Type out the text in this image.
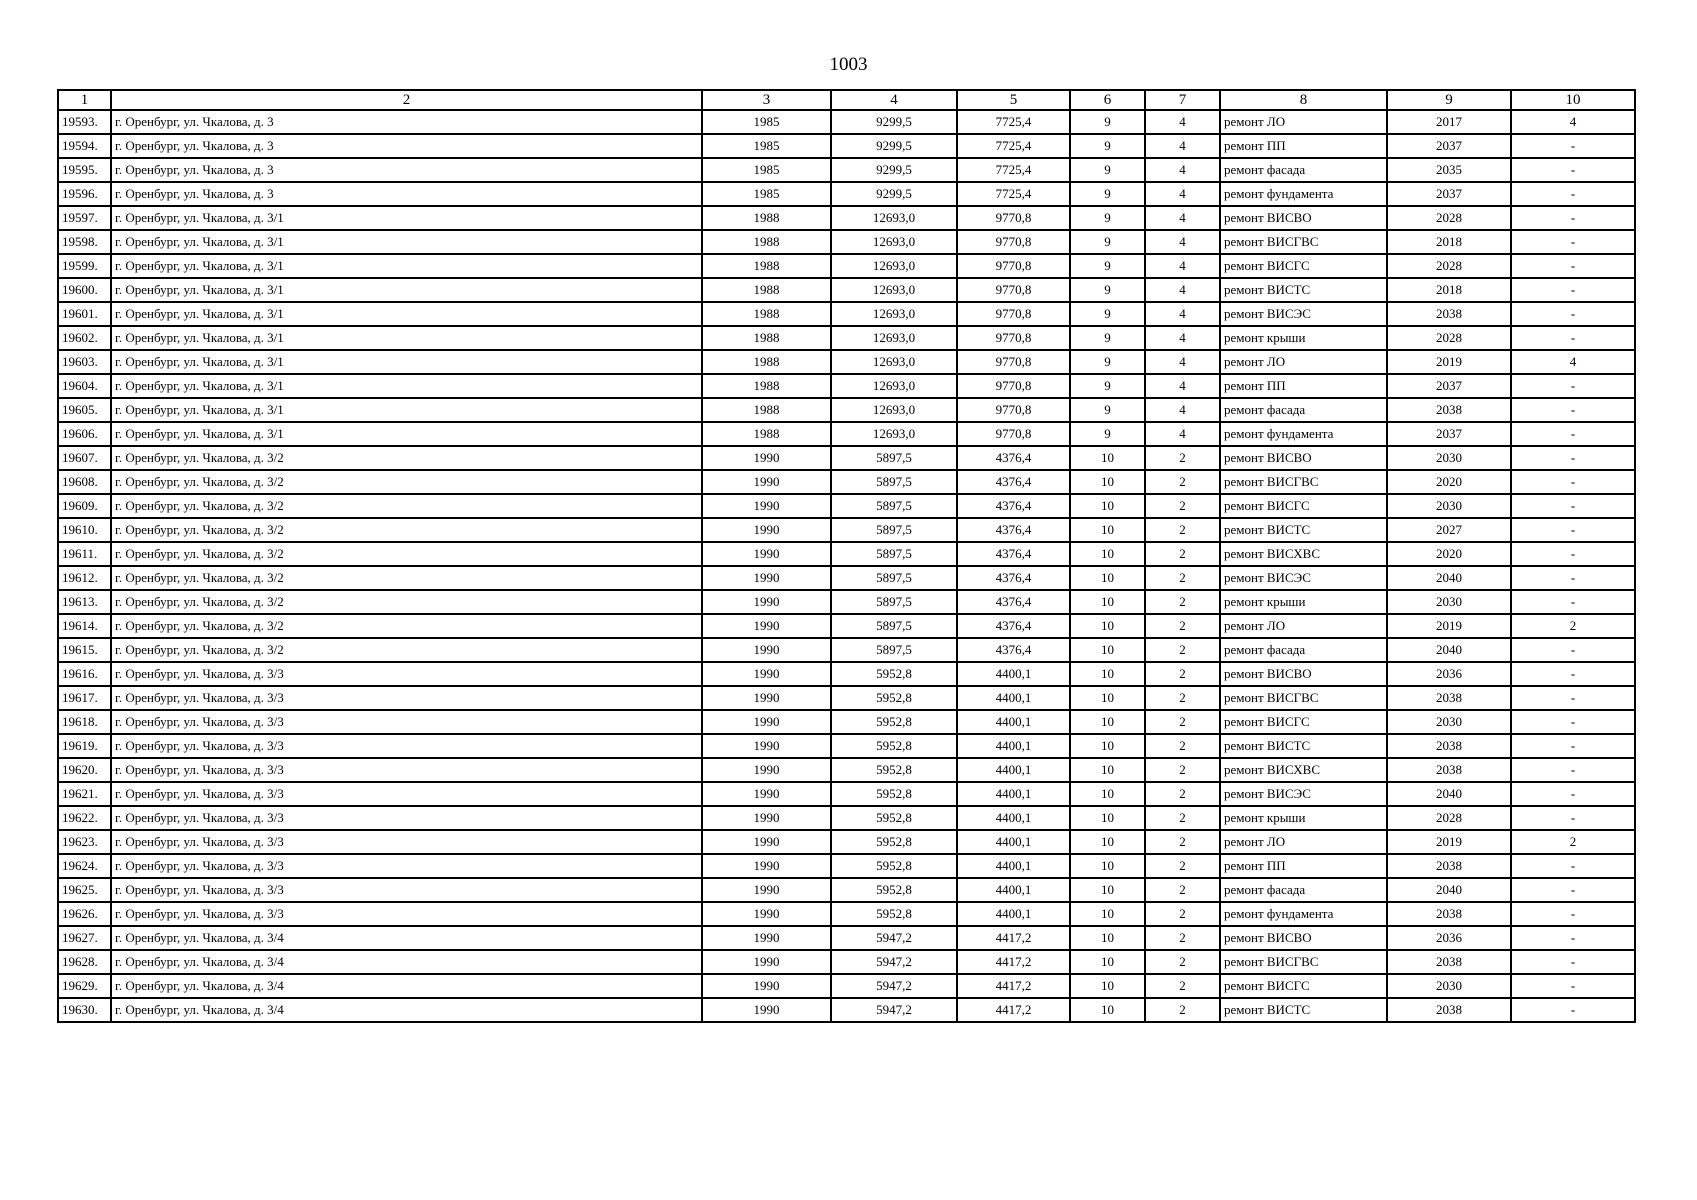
1003
1	2	3	4	5	6	7	8	9	10
19593.	г. Оренбург, ул. Чкалова, д. 3	1985	9299,5	7725,4	9	4	ремонт ЛО	2017	4
19594.	г. Оренбург, ул. Чкалова, д. 3	1985	9299,5	7725,4	9	4	ремонт ПП	2037	-
19595.	г. Оренбург, ул. Чкалова, д. 3	1985	9299,5	7725,4	9	4	ремонт фасада	2035	-
19596.	г. Оренбург, ул. Чкалова, д. 3	1985	9299,5	7725,4	9	4	ремонт фундамента	2037	-
19597.	г. Оренбург, ул. Чкалова, д. 3/1	1988	12693,0	9770,8	9	4	ремонт ВИСВО	2028	-
19598.	г. Оренбург, ул. Чкалова, д. 3/1	1988	12693,0	9770,8	9	4	ремонт ВИСГВС	2018	-
19599.	г. Оренбург, ул. Чкалова, д. 3/1	1988	12693,0	9770,8	9	4	ремонт ВИСГС	2028	-
19600.	г. Оренбург, ул. Чкалова, д. 3/1	1988	12693,0	9770,8	9	4	ремонт ВИСТС	2018	-
19601.	г. Оренбург, ул. Чкалова, д. 3/1	1988	12693,0	9770,8	9	4	ремонт ВИСЭС	2038	-
19602.	г. Оренбург, ул. Чкалова, д. 3/1	1988	12693,0	9770,8	9	4	ремонт крыши	2028	-
19603.	г. Оренбург, ул. Чкалова, д. 3/1	1988	12693,0	9770,8	9	4	ремонт ЛО	2019	4
19604.	г. Оренбург, ул. Чкалова, д. 3/1	1988	12693,0	9770,8	9	4	ремонт ПП	2037	-
19605.	г. Оренбург, ул. Чкалова, д. 3/1	1988	12693,0	9770,8	9	4	ремонт фасада	2038	-
19606.	г. Оренбург, ул. Чкалова, д. 3/1	1988	12693,0	9770,8	9	4	ремонт фундамента	2037	-
19607.	г. Оренбург, ул. Чкалова, д. 3/2	1990	5897,5	4376,4	10	2	ремонт ВИСВО	2030	-
19608.	г. Оренбург, ул. Чкалова, д. 3/2	1990	5897,5	4376,4	10	2	ремонт ВИСГВС	2020	-
19609.	г. Оренбург, ул. Чкалова, д. 3/2	1990	5897,5	4376,4	10	2	ремонт ВИСГС	2030	-
19610.	г. Оренбург, ул. Чкалова, д. 3/2	1990	5897,5	4376,4	10	2	ремонт ВИСТС	2027	-
19611.	г. Оренбург, ул. Чкалова, д. 3/2	1990	5897,5	4376,4	10	2	ремонт ВИСХВС	2020	-
19612.	г. Оренбург, ул. Чкалова, д. 3/2	1990	5897,5	4376,4	10	2	ремонт ВИСЭС	2040	-
19613.	г. Оренбург, ул. Чкалова, д. 3/2	1990	5897,5	4376,4	10	2	ремонт крыши	2030	-
19614.	г. Оренбург, ул. Чкалова, д. 3/2	1990	5897,5	4376,4	10	2	ремонт ЛО	2019	2
19615.	г. Оренбург, ул. Чкалова, д. 3/2	1990	5897,5	4376,4	10	2	ремонт фасада	2040	-
19616.	г. Оренбург, ул. Чкалова, д. 3/3	1990	5952,8	4400,1	10	2	ремонт ВИСВО	2036	-
19617.	г. Оренбург, ул. Чкалова, д. 3/3	1990	5952,8	4400,1	10	2	ремонт ВИСГВС	2038	-
19618.	г. Оренбург, ул. Чкалова, д. 3/3	1990	5952,8	4400,1	10	2	ремонт ВИСГС	2030	-
19619.	г. Оренбург, ул. Чкалова, д. 3/3	1990	5952,8	4400,1	10	2	ремонт ВИСТС	2038	-
19620.	г. Оренбург, ул. Чкалова, д. 3/3	1990	5952,8	4400,1	10	2	ремонт ВИСХВС	2038	-
19621.	г. Оренбург, ул. Чкалова, д. 3/3	1990	5952,8	4400,1	10	2	ремонт ВИСЭС	2040	-
19622.	г. Оренбург, ул. Чкалова, д. 3/3	1990	5952,8	4400,1	10	2	ремонт крыши	2028	-
19623.	г. Оренбург, ул. Чкалова, д. 3/3	1990	5952,8	4400,1	10	2	ремонт ЛО	2019	2
19624.	г. Оренбург, ул. Чкалова, д. 3/3	1990	5952,8	4400,1	10	2	ремонт ПП	2038	-
19625.	г. Оренбург, ул. Чкалова, д. 3/3	1990	5952,8	4400,1	10	2	ремонт фасада	2040	-
19626.	г. Оренбург, ул. Чкалова, д. 3/3	1990	5952,8	4400,1	10	2	ремонт фундамента	2038	-
19627.	г. Оренбург, ул. Чкалова, д. 3/4	1990	5947,2	4417,2	10	2	ремонт ВИСВО	2036	-
19628.	г. Оренбург, ул. Чкалова, д. 3/4	1990	5947,2	4417,2	10	2	ремонт ВИСГВС	2038	-
19629.	г. Оренбург, ул. Чкалова, д. 3/4	1990	5947,2	4417,2	10	2	ремонт ВИСГС	2030	-
19630.	г. Оренбург, ул. Чкалова, д. 3/4	1990	5947,2	4417,2	10	2	ремонт ВИСТС	2038	-
